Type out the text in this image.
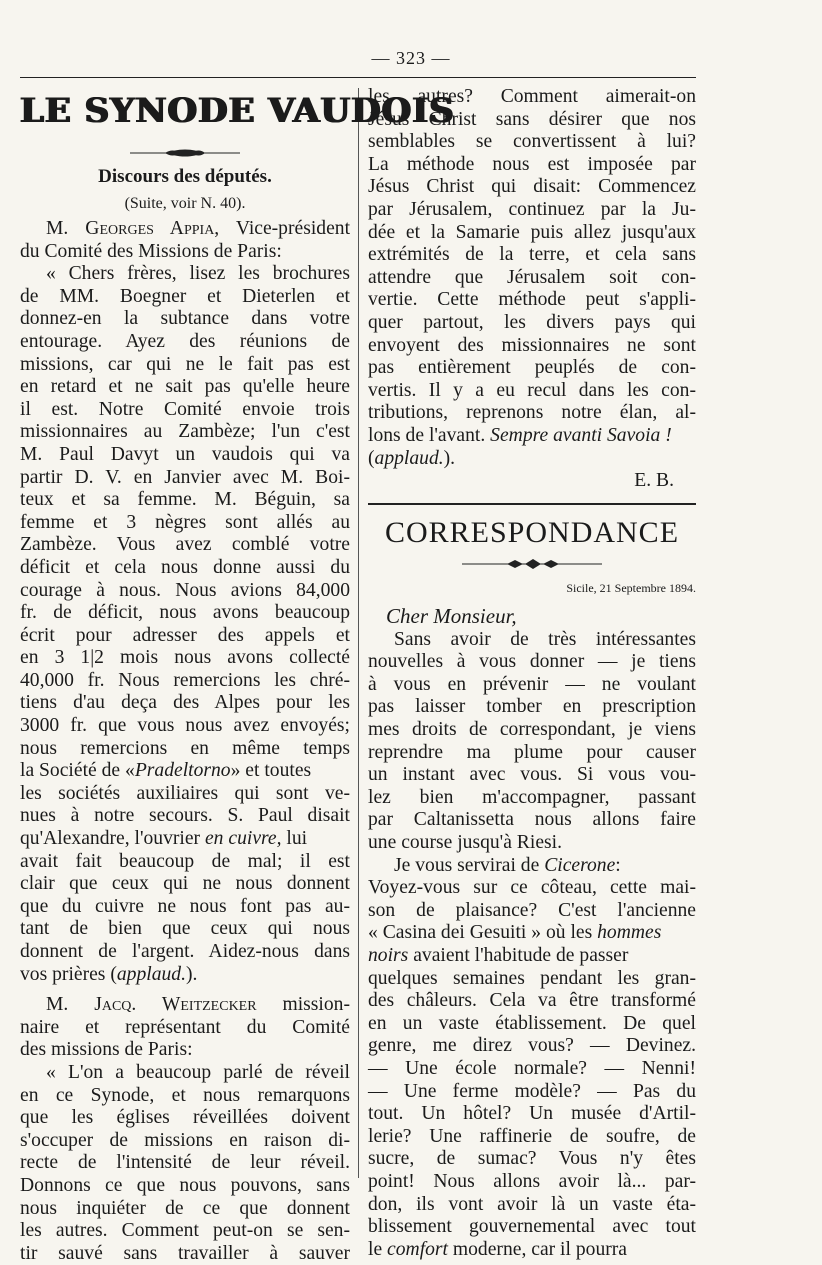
— 323 —
LE SYNODE VAUDOIS
Discours des députés.
(Suite, voir N. 40).
M. Georges Appia, Vice-président
du Comité des Missions de Paris:
« Chers frères, lisez les brochures
de MM. Boegner et Dieterlen et
donnez-en la subtance dans votre
entourage. Ayez des réunions de
missions, car qui ne le fait pas est
en retard et ne sait pas qu'elle heure
il est. Notre Comité envoie trois
missionnaires au Zambèze; l'un c'est
M. Paul Davyt un vaudois qui va
partir D. V. en Janvier avec M. Boi-
teux et sa femme. M. Béguin, sa
femme et 3 nègres sont allés au
Zambèze. Vous avez comblé votre
déficit et cela nous donne aussi du
courage à nous. Nous avions 84,000
fr. de déficit, nous avons beaucoup
écrit pour adresser des appels et
en 3 1|2 mois nous avons collecté
40,000 fr. Nous remercions les chré-
tiens d'au deça des Alpes pour les
3000 fr. que vous nous avez envoyés;
nous remercions en même temps
la Société de «Pradeltorno» et toutes
les sociétés auxiliaires qui sont ve-
nues à notre secours. S. Paul disait
qu'Alexandre, l'ouvrier en cuivre, lui
avait fait beaucoup de mal; il est
clair que ceux qui ne nous donnent
que du cuivre ne nous font pas au-
tant de bien que ceux qui nous
donnent de l'argent. Aidez-nous dans
vos prières (applaud.).
M. Jacq. Weitzecker mission-
naire et représentant du Comité
des missions de Paris:
« L'on a beaucoup parlé de réveil
en ce Synode, et nous remarquons
que les églises réveillées doivent
s'occuper de missions en raison di-
recte de l'intensité de leur réveil.
Donnons ce que nous pouvons, sans
nous inquiéter de ce que donnent
les autres. Comment peut-on se sen-
tir sauvé sans travailler à sauver
les autres? Comment aimerait-on
Jésus Christ sans désirer que nos
semblables se convertissent à lui?
La méthode nous est imposée par
Jésus Christ qui disait: Commencez
par Jérusalem, continuez par la Ju-
dée et la Samarie puis allez jusqu'aux
extrémités de la terre, et cela sans
attendre que Jérusalem soit con-
vertie. Cette méthode peut s'appli-
quer partout, les divers pays qui
envoyent des missionnaires ne sont
pas entièrement peuplés de con-
vertis. Il y a eu recul dans les con-
tributions, reprenons notre élan, al-
lons de l'avant. Sempre avanti Savoia !
(applaud.).
E. B.
CORRESPONDANCE
Sicile, 21 Septembre 1894.
Cher Monsieur,
Sans avoir de très intéressantes
nouvelles à vous donner — je tiens
à vous en prévenir — ne voulant
pas laisser tomber en prescription
mes droits de correspondant, je viens
reprendre ma plume pour causer
un instant avec vous. Si vous vou-
lez bien m'accompagner, passant
par Caltanissetta nous allons faire
une course jusqu'à Riesi.
Je vous servirai de Cicerone:
Voyez-vous sur ce côteau, cette mai-
son de plaisance? C'est l'ancienne
« Casina dei Gesuiti » où les hommes
noirs avaient l'habitude de passer
quelques semaines pendant les gran-
des châleurs. Cela va être transformé
en un vaste établissement. De quel
genre, me direz vous? — Devinez.
— Une école normale? — Nenni!
— Une ferme modèle? — Pas du
tout. Un hôtel? Un musée d'Artil-
lerie? Une raffinerie de soufre, de
sucre, de sumac? Vous n'y êtes
point! Nous allons avoir là... par-
don, ils vont avoir là un vaste éta-
blissement gouvernemental avec tout
le comfort moderne, car il pourra
